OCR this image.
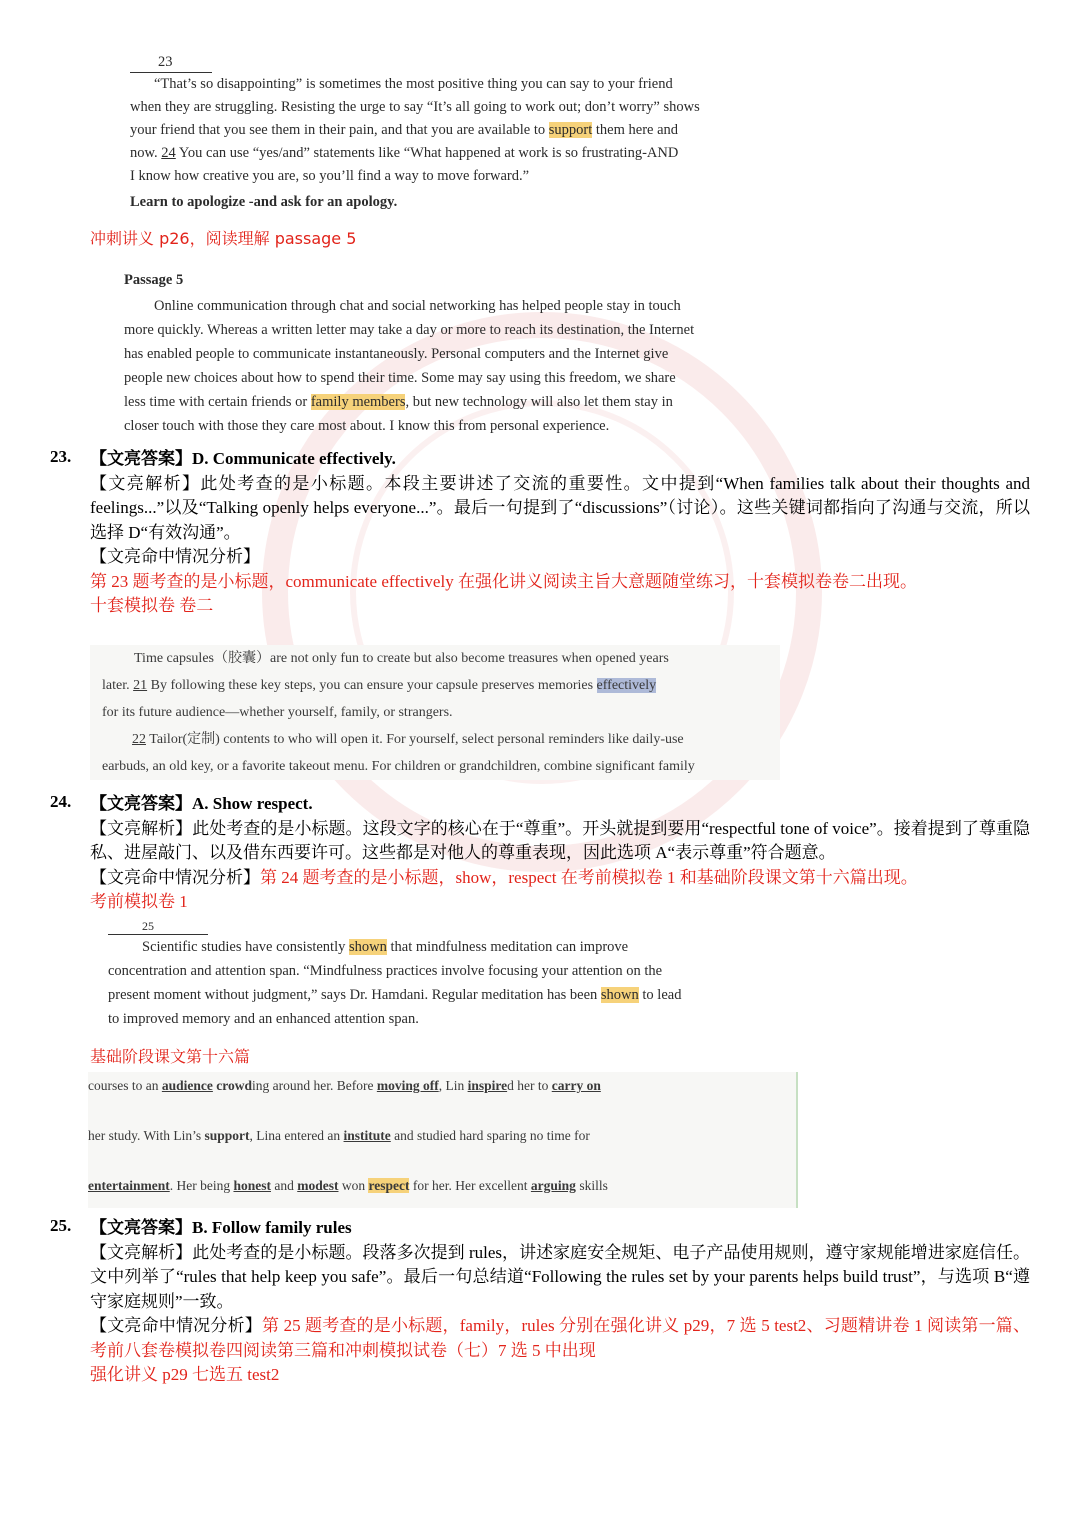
23

“That’s so disappointing” is sometimes the most positive thing you can say to your friend

when they are struggling. Resisting the urge to say “It’s all going to work out; don’t worry” shows

your friend that you see them in their pain, and that you are available to support them here and

now. 24 You can use “yes/and” statements like “What happened at work is so frustrating-AND

I know how creative you are, so you’ll find a way to move forward.”

Learn to apologize -and ask for an apology.

冲刺讲义 p26，阅读理解 passage 5

Passage 5

Online communication through chat and social networking has helped people stay in touch

more quickly. Whereas a written letter may take a day or more to reach its destination, the Internet

has enabled people to communicate instantaneously. Personal computers and the Internet give

people new choices about how to spend their time. Some may say using this freedom, we share

less time with certain friends or family members, but new technology will also let them stay in

closer touch with those they care most about. I know this from personal experience.

23. 【文亮答案】D. Communicate effectively.
【文亮解析】此处考查的是小标题。本段主要讲述了交流的重要性。文中提到“When families talk about their thoughts and feelings...”以及“Talking openly helps everyone...”。最后一句提到了“discussions”（讨论）。这些关键词都指向了沟通与交流，所以选择 D“有效沟通”。
【文亮命中情况分析】
第 23 题考查的是小标题，communicate effectively 在强化讲义阅读主旨大意题随堂练习，十套模拟卷卷二出现。
十套模拟卷 卷二
Time capsules（胶囊）are not only fun to create but also become treasures when opened years
later. 21 By following these key steps, you can ensure your capsule preserves memories effectively
for its future audience—whether yourself, family, or strangers.
22 Tailor(定制) contents to who will open it. For yourself, select personal reminders like daily-use
earbuds, an old key, or a favorite takeout menu. For children or grandchildren, combine significant family
24. 【文亮答案】A. Show respect.
【文亮解析】此处考查的是小标题。这段文字的核心在于“尊重”。开头就提到要用“respectful tone of voice”。接着提到了尊重隐私、进屋敲门、以及借东西要许可。这些都是对他人的尊重表现，因此选项 A“表示尊重”符合题意。
【文亮命中情况分析】第 24 题考查的是小标题，show，respect 在考前模拟卷 1 和基础阶段课文第十六篇出现。
考前模拟卷 1
25

Scientific studies have consistently shown that mindfulness meditation can improve

concentration and attention span. “Mindfulness practices involve focusing your attention on the

present moment without judgment,” says Dr. Hamdani. Regular meditation has been shown to lead

to improved memory and an enhanced attention span.

基础阶段课文第十六篇
courses to an audience crowding around her. Before moving off, Lin inspired her to carry on
her study. With Lin’s support, Lina entered an institute and studied hard sparing no time for
entertainment. Her being honest and modest won respect for her. Her excellent arguing skills
25. 【文亮答案】B. Follow family rules
【文亮解析】此处考查的是小标题。段落多次提到 rules，讲述家庭安全规矩、电子产品使用规则，遵守家规能增进家庭信任。文中列举了“rules that help keep you safe”。最后一句总结道“Following the rules set by your parents helps build trust”，与选项 B“遵守家庭规则”一致。
【文亮命中情况分析】第 25 题考查的是小标题，family，rules 分别在强化讲义 p29，7 选 5 test2、习题精讲卷 1 阅读第一篇、考前八套卷模拟卷四阅读第三篇和冲刺模拟试卷（七）7 选 5 中出现
强化讲义 p29 七选五 test2
